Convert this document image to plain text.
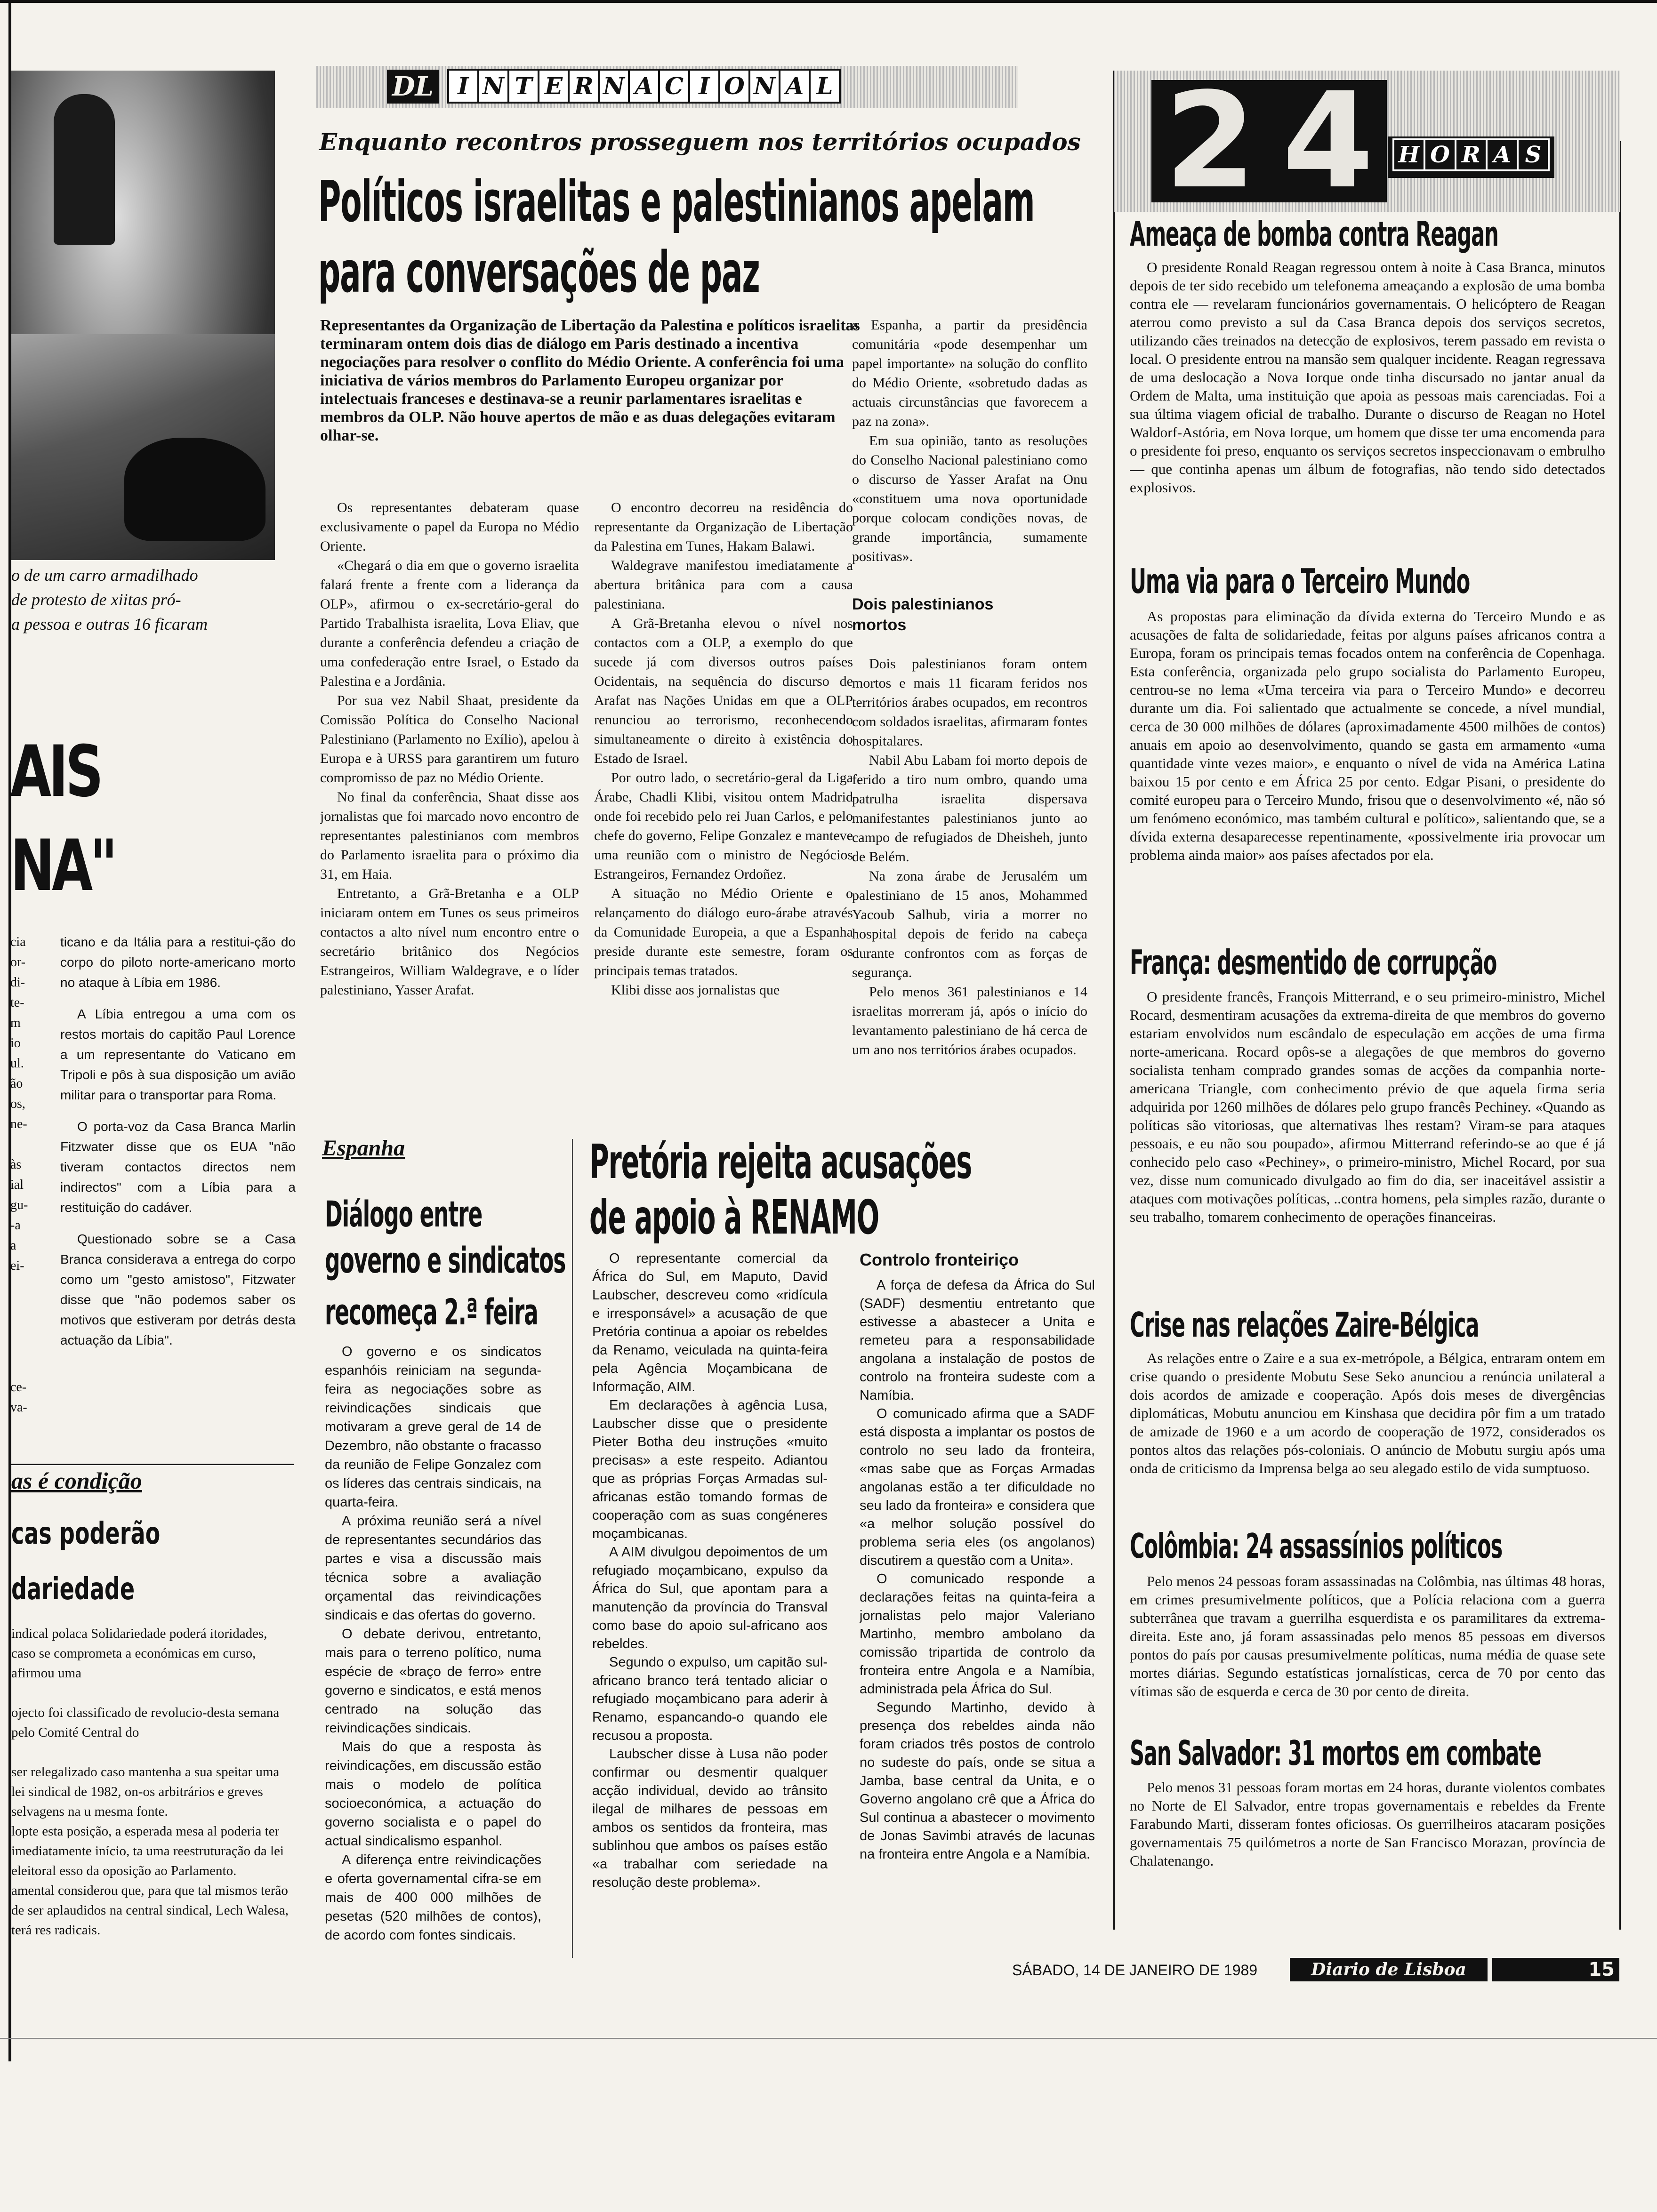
o de um carro armadilhado
de protesto de xiitas pró-
a pessoa e outras 16 ficaram
AIS
NA"
cia
or-
di-
te-
m
io
ul.
ão
os,
ne-

às
ial
gu-
-a
a
ei-

ce-
va-

ticano e da Itália para a restitui-ção do corpo do piloto norte-americano morto no ataque à Líbia em 1986.

A Líbia entregou a uma com os restos mortais do capitão Paul Lorence a um representante do Vaticano em Tripoli e pôs à sua disposição um avião militar para o transportar para Roma.

O porta-voz da Casa Branca Marlin Fitzwater disse que os EUA "não tiveram contactos directos nem indirectos" com a Líbia para a restituição do cadáver.

Questionado sobre se a Casa Branca considerava a entrega do corpo como um "gesto amistoso", Fitzwater disse que "não podemos saber os motivos que estiveram por detrás desta actuação da Líbia".

as é condição
cas poderão
dariedade
indical polaca Solidariedade poderá itoridades, caso se comprometa a económicas em curso, afirmou uma

ojecto foi classificado de revolucio-desta semana pelo Comité Central do

ser relegalizado caso mantenha a sua speitar uma lei sindical de 1982, on-os arbitrários e greves selvagens na u mesma fonte.
lopte esta posição, a esperada mesa al poderia ter imediatamente início, ta uma reestruturação da lei eleitoral esso da oposição ao Parlamento.
amental considerou que, para que tal mismos terão de ser aplaudidos na central sindical, Lech Walesa, terá res radicais.
DL	I N T E R N A C I O N A L
Enquanto recontros prosseguem nos territórios ocupados
Políticos israelitas e palestinianos apelam
para conversações de paz
Representantes da Organização de Libertação da Palestina e políticos israelitas terminaram ontem dois dias de diálogo em Paris destinado a incentiva negociações para resolver o conflito do Médio Oriente. A conferência foi uma iniciativa de vários membros do Parlamento Europeu organizar por intelectuais franceses e destinava-se a reunir parlamentares israelitas e membros da OLP. Não houve apertos de mão e as duas delegações evitaram olhar-se.

Os representantes debateram quase exclusivamente o papel da Europa no Médio Oriente.

«Chegará o dia em que o governo israelita falará frente a frente com a liderança da OLP», afirmou o ex-secretário-geral do Partido Trabalhista israelita, Lova Eliav, que durante a conferência defendeu a criação de uma confederação entre Israel, o Estado da Palestina e a Jordânia.

Por sua vez Nabil Shaat, presidente da Comissão Política do Conselho Nacional Palestiniano (Parlamento no Exílio), apelou à Europa e à URSS para garantirem um futuro compromisso de paz no Médio Oriente.

No final da conferência, Shaat disse aos jornalistas que foi marcado novo encontro de representantes palestinianos com membros do Parlamento israelita para o próximo dia 31, em Haia.

Entretanto, a Grã-Bretanha e a OLP iniciaram ontem em Tunes os seus primeiros contactos a alto nível num encontro entre o secretário britânico dos Negócios Estrangeiros, William Waldegrave, e o líder palestiniano, Yasser Arafat.

O encontro decorreu na residência do representante da Organização de Libertação da Palestina em Tunes, Hakam Balawi.

Waldegrave manifestou imediatamente a abertura britânica para com a causa palestiniana.

A Grã-Bretanha elevou o nível nos contactos com a OLP, a exemplo do que sucede já com diversos outros países Ocidentais, na sequência do discurso de Arafat nas Nações Unidas em que a OLP renunciou ao terrorismo, reconhecendo simultaneamente o direito à existência do Estado de Israel.

Por outro lado, o secretário-geral da Liga Árabe, Chadli Klibi, visitou ontem Madrid onde foi recebido pelo rei Juan Carlos, e pelo chefe do governo, Felipe Gonzalez e manteve uma reunião com o ministro de Negócios Estrangeiros, Fernandez Ordoñez.

A situação no Médio Oriente e o relançamento do diálogo euro-árabe através da Comunidade Europeia, a que a Espanha preside durante este semestre, foram os principais temas tratados.

Klibi disse aos jornalistas que

a Espanha, a partir da presidência comunitária «pode desempenhar um papel importante» na solução do conflito do Médio Oriente, «sobretudo dadas as actuais circunstâncias que favorecem a paz na zona».

Em sua opinião, tanto as resoluções do Conselho Nacional palestiniano como o discurso de Yasser Arafat na Onu «constituem uma nova oportunidade porque colocam condições novas, de grande importância, sumamente positivas».

Dois palestinianos mortos

Dois palestinianos foram ontem mortos e mais 11 ficaram feridos nos territórios árabes ocupados, em recontros com soldados israelitas, afirmaram fontes hospitalares.

Nabil Abu Labam foi morto depois de ferido a tiro num ombro, quando uma patrulha israelita dispersava manifestantes palestinianos junto ao campo de refugiados de Dheisheh, junto de Belém.

Na zona árabe de Jerusalém um palestiniano de 15 anos, Mohammed Yacoub Salhub, viria a morrer no hospital depois de ferido na cabeça durante confrontos com as forças de segurança.

Pelo menos 361 palestinianos e 14 israelitas morreram já, após o início do levantamento palestiniano de há cerca de um ano nos territórios árabes ocupados.

Espanha
Diálogo entre
governo e sindicatos
recomeça 2.ª feira

O governo e os sindicatos espanhóis reiniciam na segunda-feira as negociações sobre as reivindicações sindicais que motivaram a greve geral de 14 de Dezembro, não obstante o fracasso da reunião de Felipe Gonzalez com os líderes das centrais sindicais, na quarta-feira.

A próxima reunião será a nível de representantes secundários das partes e visa a discussão mais técnica sobre a avaliação orçamental das reivindicações sindicais e das ofertas do governo.

O debate derivou, entretanto, mais para o terreno político, numa espécie de «braço de ferro» entre governo e sindicatos, e está menos centrado na solução das reivindicações sindicais.

Mais do que a resposta às reivindicações, em discussão estão mais o modelo de política socioeconómica, a actuação do governo socialista e o papel do actual sindicalismo espanhol.

A diferença entre reivindicações e oferta governamental cifra-se em mais de 400 000 milhões de pesetas (520 milhões de contos), de acordo com fontes sindicais.

Pretória rejeita acusações
de apoio à RENAMO

O representante comercial da África do Sul, em Maputo, David Laubscher, descreveu como «ridícula e irresponsável» a acusação de que Pretória continua a apoiar os rebeldes da Renamo, veiculada na quinta-feira pela Agência Moçambicana de Informação, AIM.

Em declarações à agência Lusa, Laubscher disse que o presidente Pieter Botha deu instruções «muito precisas» a este respeito. Adiantou que as próprias Forças Armadas sul-africanas estão tomando formas de cooperação com as suas congéneres moçambicanas.

A AIM divulgou depoimentos de um refugiado moçambicano, expulso da África do Sul, que apontam para a manutenção da província do Transval como base do apoio sul-africano aos rebeldes.

Segundo o expulso, um capitão sul-africano branco terá tentado aliciar o refugiado moçambicano para aderir à Renamo, espancando-o quando ele recusou a proposta.

Laubscher disse à Lusa não poder confirmar ou desmentir qualquer acção individual, devido ao trânsito ilegal de milhares de pessoas em ambos os sentidos da fronteira, mas sublinhou que ambos os países estão «a trabalhar com seriedade na resolução deste problema».

Controlo fronteiriço

A força de defesa da África do Sul (SADF) desmentiu entretanto que estivesse a abastecer a Unita e remeteu para a responsabilidade angolana a instalação de postos de controlo na fronteira sudeste com a Namíbia.

O comunicado afirma que a SADF está disposta a implantar os postos de controlo no seu lado da fronteira, «mas sabe que as Forças Armadas angolanas estão a ter dificuldade no seu lado da fronteira» e considera que «a melhor solução possível do problema seria eles (os angolanos) discutirem a questão com a Unita».

O comunicado responde a declarações feitas na quinta-feira a jornalistas pelo major Valeriano Martinho, membro ambolano da comissão tripartida de controlo da fronteira entre Angola e a Namíbia, administrada pela África do Sul.

Segundo Martinho, devido à presença dos rebeldes ainda não foram criados três postos de controlo no sudeste do país, onde se situa a Jamba, base central da Unita, e o Governo angolano crê que a África do Sul continua a abastecer o movimento de Jonas Savimbi através de lacunas na fronteira entre Angola e a Namíbia.

2 4	H O R A S
Ameaça de bomba contra Reagan
O presidente Ronald Reagan regressou ontem à noite à Casa Branca, minutos depois de ter sido recebido um telefonema ameaçando a explosão de uma bomba contra ele — revelaram funcionários governamentais. O helicóptero de Reagan aterrou como previsto a sul da Casa Branca depois dos serviços secretos, utilizando cães treinados na detecção de explosivos, terem passado em revista o local. O presidente entrou na mansão sem qualquer incidente. Reagan regressava de uma deslocação a Nova Iorque onde tinha discursado no jantar anual da Ordem de Malta, uma instituição que apoia as pessoas mais carenciadas. Foi a sua última viagem oficial de trabalho. Durante o discurso de Reagan no Hotel Waldorf-Astória, em Nova Iorque, um homem que disse ter uma encomenda para o presidente foi preso, enquanto os serviços secretos inspeccionavam o embrulho — que continha apenas um álbum de fotografias, não tendo sido detectados explosivos.
Uma via para o Terceiro Mundo
As propostas para eliminação da dívida externa do Terceiro Mundo e as acusações de falta de solidariedade, feitas por alguns países africanos contra a Europa, foram os principais temas focados ontem na conferência de Copenhaga. Esta conferência, organizada pelo grupo socialista do Parlamento Europeu, centrou-se no lema «Uma terceira via para o Terceiro Mundo» e decorreu durante um dia. Foi salientado que actualmente se concede, a nível mundial, cerca de 30 000 milhões de dólares (aproximadamente 4500 milhões de contos) anuais em apoio ao desenvolvimento, quando se gasta em armamento «uma quantidade vinte vezes maior», e enquanto o nível de vida na América Latina baixou 15 por cento e em África 25 por cento. Edgar Pisani, o presidente do comité europeu para o Terceiro Mundo, frisou que o desenvolvimento «é, não só um fenómeno económico, mas também cultural e político», salientando que, se a dívida externa desaparecesse repentinamente, «possivelmente iria provocar um problema ainda maior» aos países afectados por ela.
França: desmentido de corrupção
O presidente francês, François Mitterrand, e o seu primeiro-ministro, Michel Rocard, desmentiram acusações da extrema-direita de que membros do governo estariam envolvidos num escândalo de especulação em acções de uma firma norte-americana. Rocard opôs-se a alegações de que membros do governo socialista tenham comprado grandes somas de acções da companhia norte-americana Triangle, com conhecimento prévio de que aquela firma seria adquirida por 1260 milhões de dólares pelo grupo francês Pechiney. «Quando as políticas são vitoriosas, que alternativas lhes restam? Viram-se para ataques pessoais, e eu não sou poupado», afirmou Mitterrand referindo-se ao que é já conhecido pelo caso «Pechiney», o primeiro-ministro, Michel Rocard, por sua vez, disse num comunicado divulgado ao fim do dia, ser inaceitável assistir a ataques com motivações políticas, ..contra homens, pela simples razão, durante o seu trabalho, tomarem conhecimento de operações financeiras.
Crise nas relações Zaire-Bélgica
As relações entre o Zaire e a sua ex-metrópole, a Bélgica, entraram ontem em crise quando o presidente Mobutu Sese Seko anunciou a renúncia unilateral a dois acordos de amizade e cooperação. Após dois meses de divergências diplomáticas, Mobutu anunciou em Kinshasa que decidira pôr fim a um tratado de amizade de 1960 e a um acordo de cooperação de 1972, considerados os pontos altos das relações pós-coloniais. O anúncio de Mobutu surgiu após uma onda de criticismo da Imprensa belga ao seu alegado estilo de vida sumptuoso.
Colômbia: 24 assassínios políticos
Pelo menos 24 pessoas foram assassinadas na Colômbia, nas últimas 48 horas, em crimes presumivelmente políticos, que a Polícia relaciona com a guerra subterrânea que travam a guerrilha esquerdista e os paramilitares da extrema-direita. Este ano, já foram assassinadas pelo menos 85 pessoas em diversos pontos do país por causas presumivelmente políticas, numa média de quase sete mortes diárias. Segundo estatísticas jornalísticas, cerca de 70 por cento das vítimas são de esquerda e cerca de 30 por cento de direita.
San Salvador: 31 mortos em combate
Pelo menos 31 pessoas foram mortas em 24 horas, durante violentos combates no Norte de El Salvador, entre tropas governamentais e rebeldes da Frente Farabundo Marti, disseram fontes oficiosas. Os guerrilheiros atacaram posições governamentais 75 quilómetros a norte de San Francisco Morazan, província de Chalatenango.
SÁBADO, 14 DE JANEIRO DE 1989	Diario de Lisboa	15
